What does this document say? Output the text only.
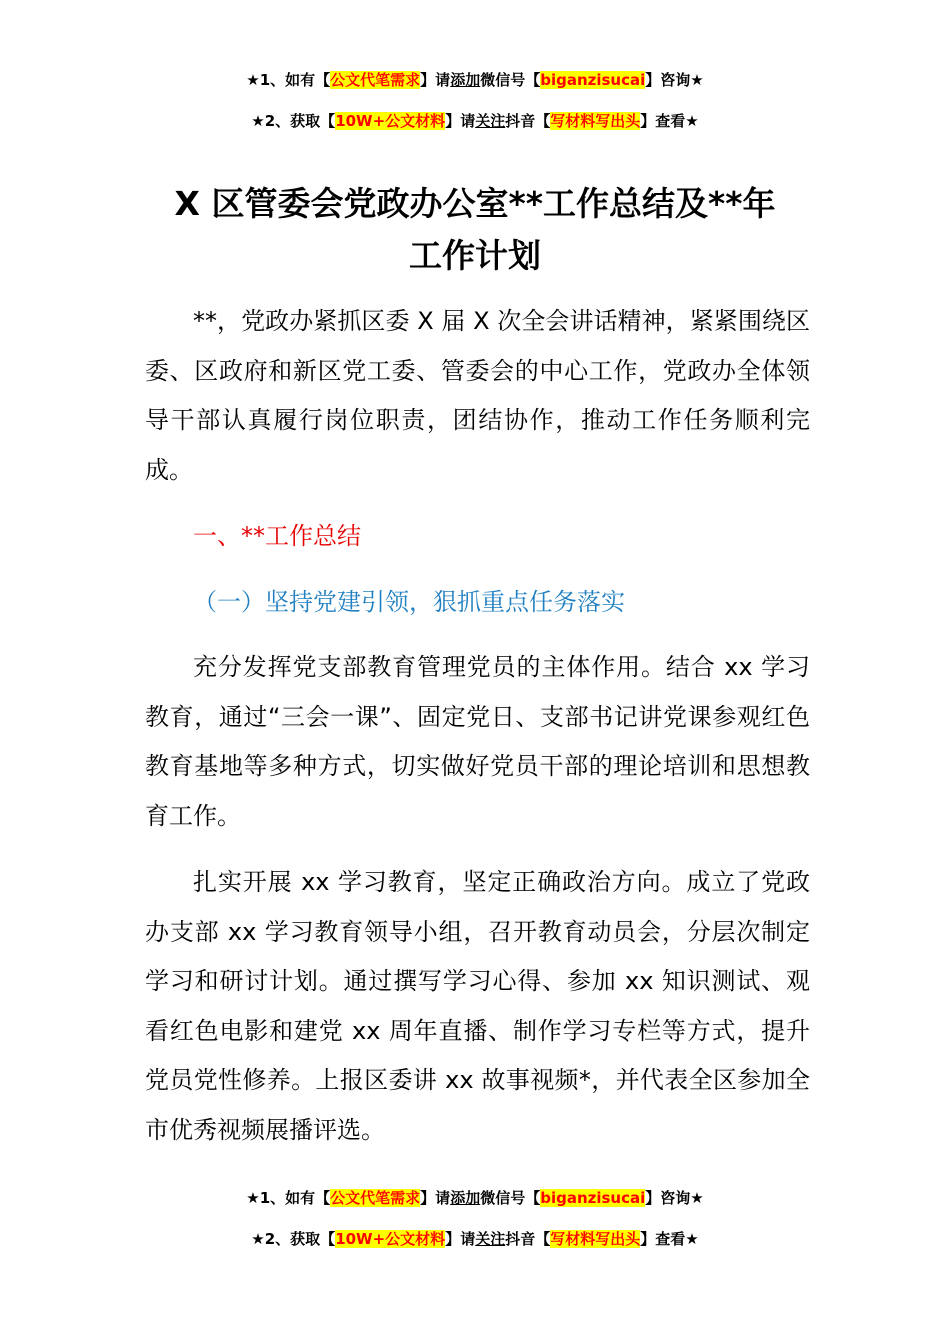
★1、如有【公文代笔需求】请添加微信号【biganzisucai】咨询★
★2、获取【10W+公文材料】请关注抖音【写材料写出头】查看★
X 区管委会党政办公室**工作总结及**年
工作计划

**，党政办紧抓区委 X 届 X 次全会讲话精神，紧紧围绕区委、区政府和新区党工委、管委会的中心工作，党政办全体领导干部认真履行岗位职责，团结协作，推动工作任务顺利完成。

一、**工作总结

（一）坚持党建引领，狠抓重点任务落实

充分发挥党支部教育管理党员的主体作用。结合 xx 学习教育，通过“三会一课”、固定党日、支部书记讲党课参观红色教育基地等多种方式，切实做好党员干部的理论培训和思想教育工作。

扎实开展 xx 学习教育，坚定正确政治方向。成立了党政办支部 xx 学习教育领导小组，召开教育动员会，分层次制定学习和研讨计划。通过撰写学习心得、参加 xx 知识测试、观看红色电影和建党 xx 周年直播、制作学习专栏等方式，提升党员党性修养。上报区委讲 xx 故事视频*，并代表全区参加全市优秀视频展播评选。

★1、如有【公文代笔需求】请添加微信号【biganzisucai】咨询★
★2、获取【10W+公文材料】请关注抖音【写材料写出头】查看★
